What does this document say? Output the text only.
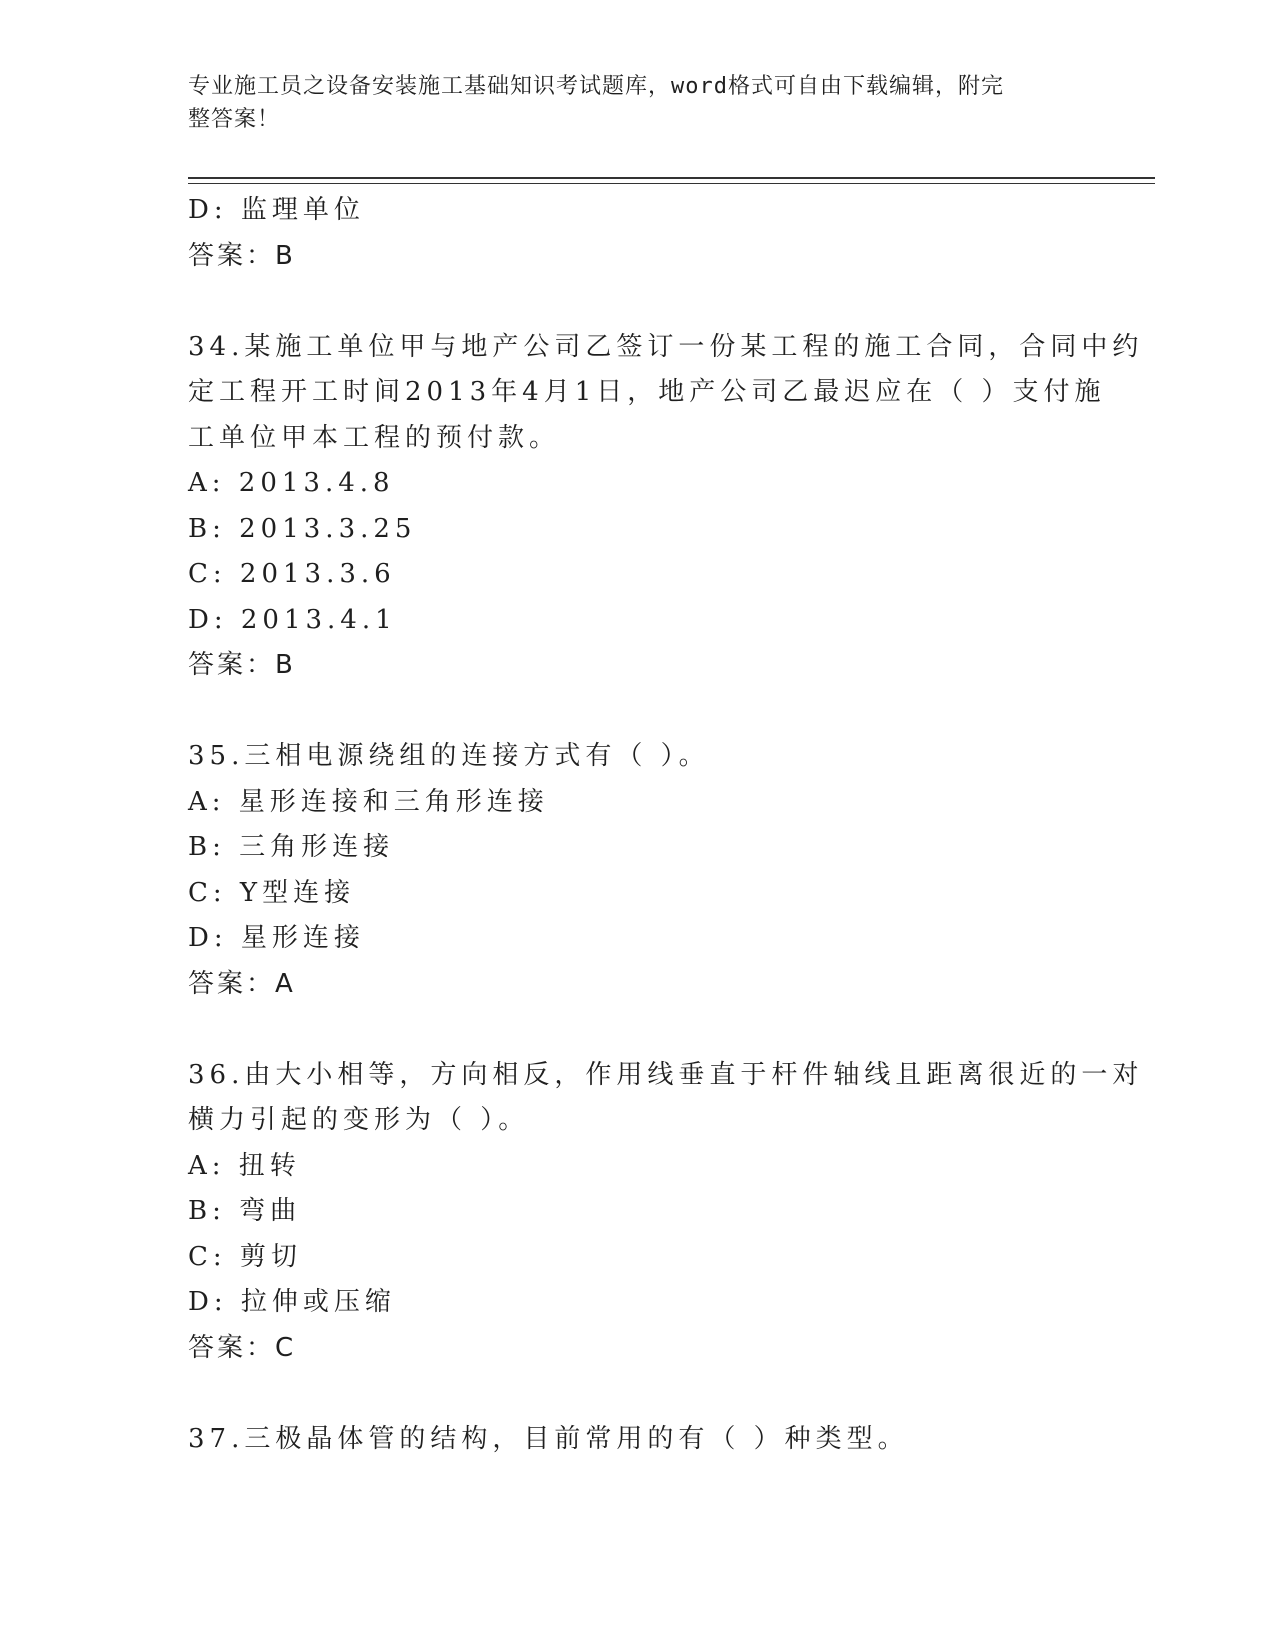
专业施工员之设备安装施工基础知识考试题库，word格式可自由下载编辑，附完
整答案！
D: 监理单位
答案：B
34.某施工单位甲与地产公司乙签订一份某工程的施工合同，合同中约
定工程开工时间2013年4月1日，地产公司乙最迟应在（ ）支付施
工单位甲本工程的预付款。
A: 2013.4.8
B: 2013.3.25
C: 2013.3.6
D: 2013.4.1
答案：B
35.三相电源绕组的连接方式有（ ）。
A: 星形连接和三角形连接
B: 三角形连接
C: Y型连接
D: 星形连接
答案：A
36.由大小相等，方向相反，作用线垂直于杆件轴线且距离很近的一对
横力引起的变形为（ ）。
A: 扭转
B: 弯曲
C: 剪切
D: 拉伸或压缩
答案：C
37.三极晶体管的结构，目前常用的有（ ）种类型。
